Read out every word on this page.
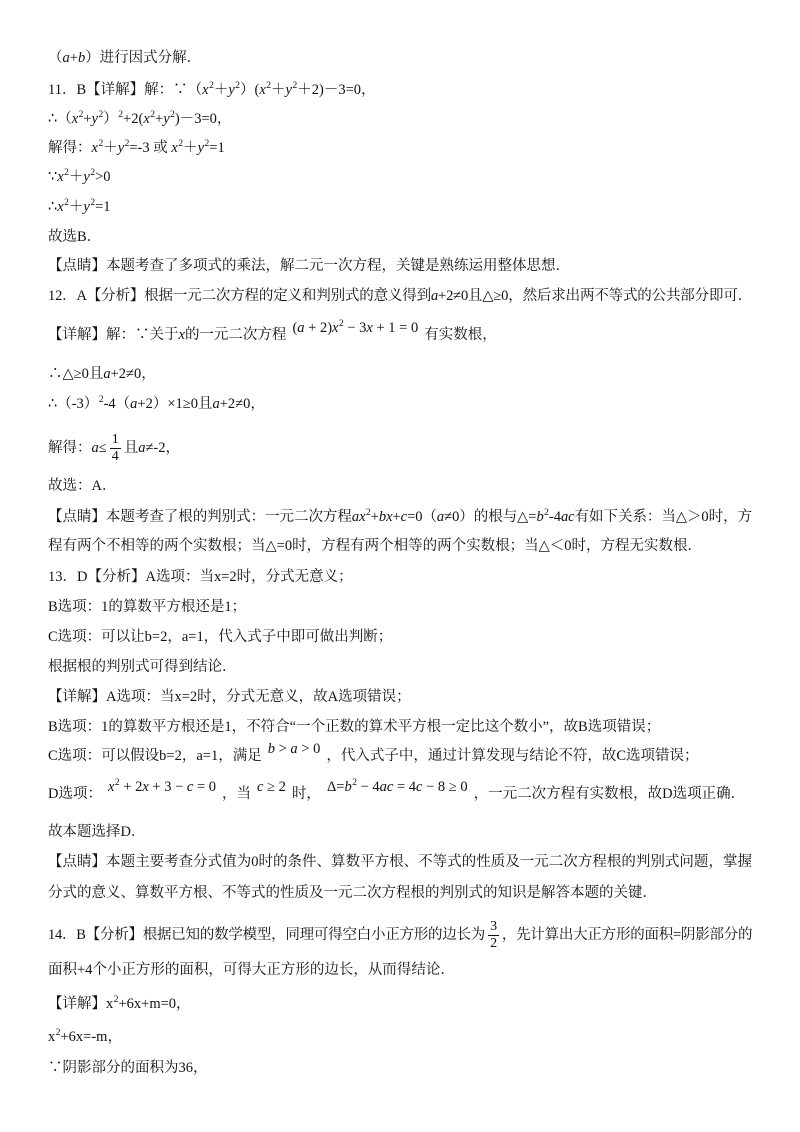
（a+b）进行因式分解．
11．B【详解】解：$\because(x^2+y^2)(x^2+y^2+2)-3=0$，
$\therefore(x^2+y^2)^2+2(x^2+y^2)-3=0$，
解得：$x^2+y^2=-3$ 或 $x^2+y^2=1$
$\because x^2+y^2>0$
$\therefore x^2+y^2=1$
故选B．
【点睛】本题考查了多项式的乘法，解二元一次方程，关键是熟练运用整体思想．
12．A【分析】根据一元二次方程的定义和判别式的意义得到a+2≠0且△≥0，然后求出两不等式的公共部分即可．
【详解】解：∵关于x的一元二次方程 $(a + 2)x^2 - 3x + 1 = 0$ 有实数根，
∴△≥0且a+2≠0，
$\therefore(-3)^2-4(a+2)\times 1\ge 0$且a+2≠0，
解得：$a\le \frac{1}{4}$ 且a≠-2，
故选：A．
【点睛】本题考查了根的判别式：一元二次方程$ax^2+bx+c=0(a\ne 0)$的根与$\triangle=b^2-4ac$有如下关系：当△＞0时，方
程有两个不相等的两个实数根；当△=0时，方程有两个相等的两个实数根；当△＜0时，方程无实数根．
13．D【分析】A选项：当x=2时，分式无意义；
B选项：1的算数平方根还是1；
C选项：可以让b=2，a=1，代入式子中即可做出判断；
根据根的判别式可得到结论．
【详解】A选项：当x=2时，分式无意义，故A选项错误；
B选项：1的算数平方根还是1，不符合“一个正数的算术平方根一定比这个数小”，故B选项错误；
C选项：可以假设b=2，a=1，满足 b > a > 0 ，代入式子中，通过计算发现与结论不符，故C选项错误；
D选项： $x^2 + 2x + 3 - c = 0$ ，当 c ≥ 2 时， $\Delta=b^2 - 4ac = 4c - 8 \ge 0$ ，一元二次方程有实数根，故D选项正确．
故本题选择D．
【点睛】本题主要考查分式值为0时的条件、算数平方根、不等式的性质及一元二次方程根的判别式问题，掌握
分式的意义、算数平方根、不等式的性质及一元二次方程根的判别式的知识是解答本题的关键．
14．B【分析】根据已知的数学模型，同理可得空白小正方形的边长为 $\frac{3}{2}$ ，先计算出大正方形的面积=阴影部分的
面积+4个小正方形的面积，可得大正方形的边长，从而得结论．
【详解】$x^2+6x+m=0$，
$x^2+6x=-m$，
∵阴影部分的面积为36，
